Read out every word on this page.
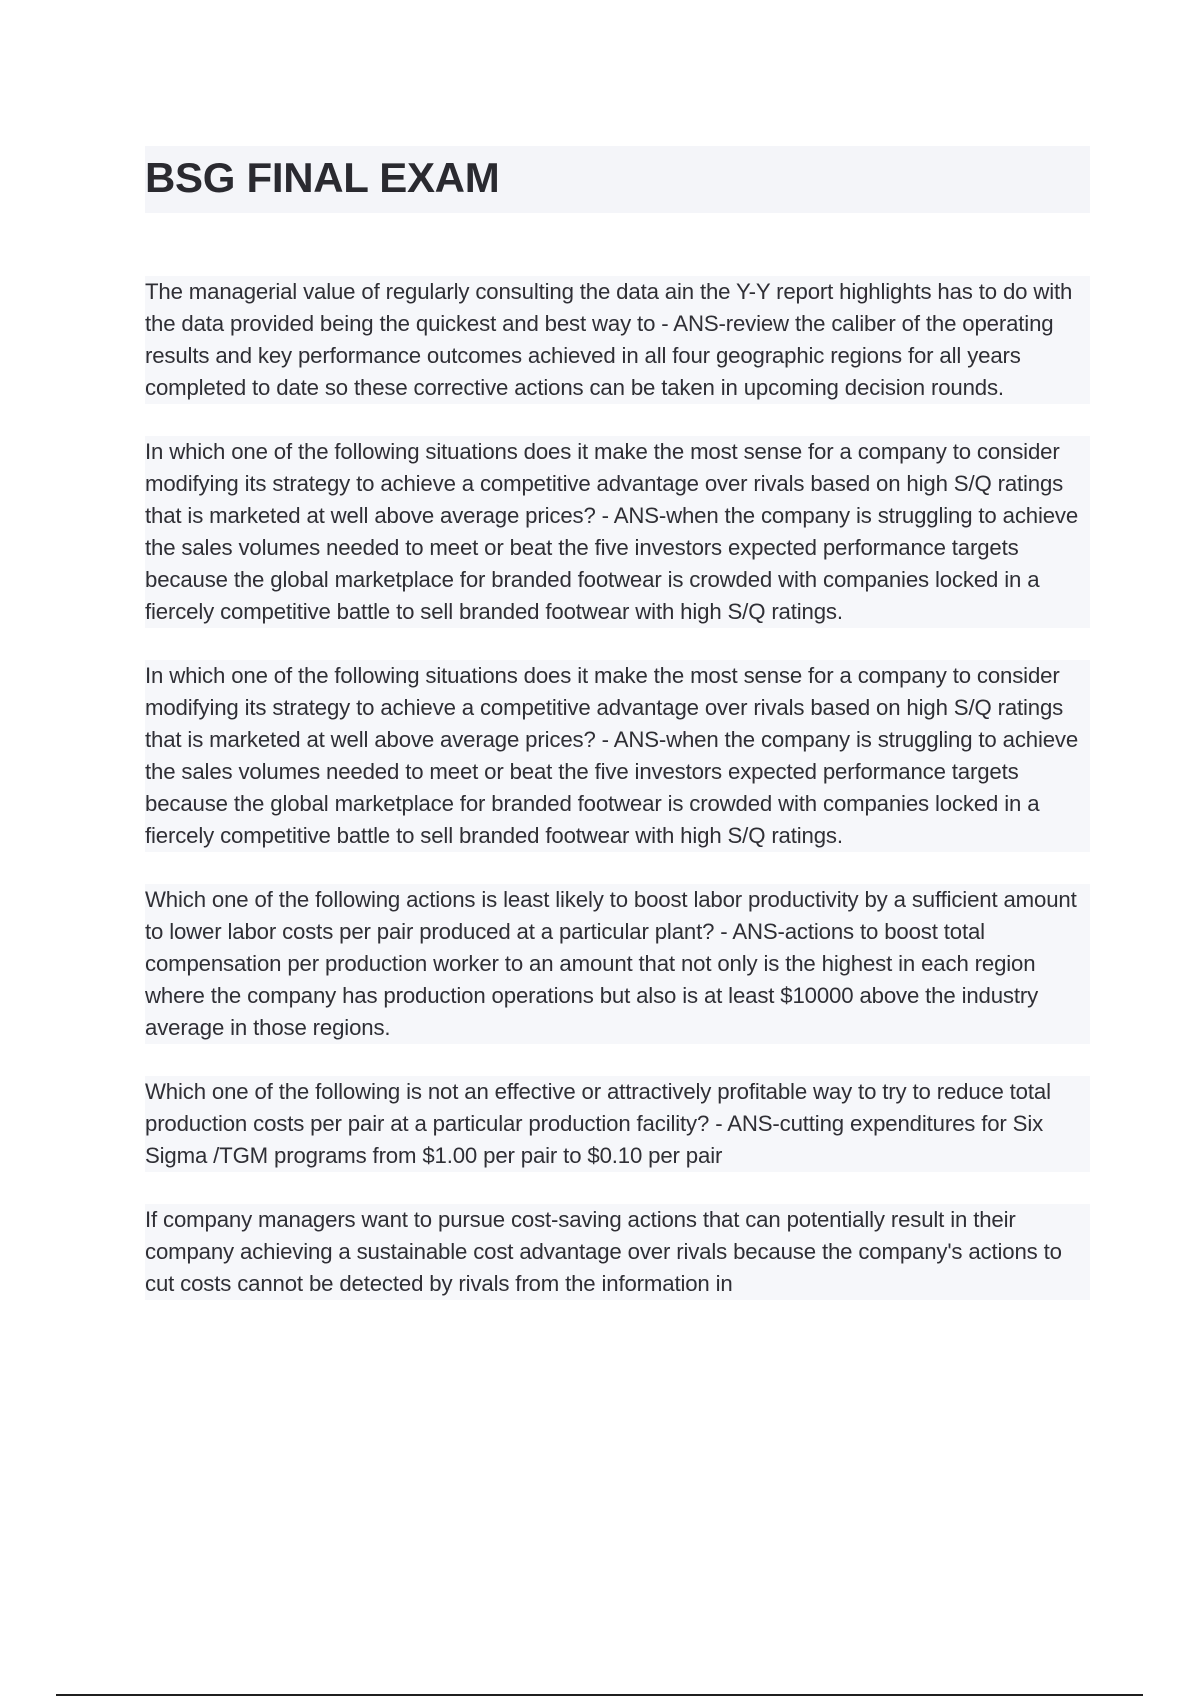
BSG FINAL EXAM

The managerial value of regularly consulting the data ain the Y-Y report highlights has to do with the data provided being the quickest and best way to - ANS-review the caliber of the operating results and key performance outcomes achieved in all four geographic regions for all years completed to date so these corrective actions can be taken in upcoming decision rounds.

In which one of the following situations does it make the most sense for a company to consider modifying its strategy to achieve a competitive advantage over rivals based on high S/Q ratings that is marketed at well above average prices? - ANS-when the company is struggling to achieve the sales volumes needed to meet or beat the five investors expected performance targets because the global marketplace for branded footwear is crowded with companies locked in a fiercely competitive battle to sell branded footwear with high S/Q ratings.

In which one of the following situations does it make the most sense for a company to consider modifying its strategy to achieve a competitive advantage over rivals based on high S/Q ratings that is marketed at well above average prices? - ANS-when the company is struggling to achieve the sales volumes needed to meet or beat the five investors expected performance targets because the global marketplace for branded footwear is crowded with companies locked in a fiercely competitive battle to sell branded footwear with high S/Q ratings.

Which one of the following actions is least likely to boost labor productivity by a sufficient amount to lower labor costs per pair produced at a particular plant? - ANS-actions to boost total compensation per production worker to an amount that not only is the highest in each region where the company has production operations but also is at least $10000 above the industry average in those regions.

Which one of the following is not an effective or attractively profitable way to try to reduce total production costs per pair at a particular production facility? - ANS-cutting expenditures for Six Sigma /TGM programs from $1.00 per pair to $0.10 per pair

If company managers want to pursue cost-saving actions that can potentially result in their company achieving a sustainable cost advantage over rivals because the company's actions to cut costs cannot be detected by rivals from the information in
